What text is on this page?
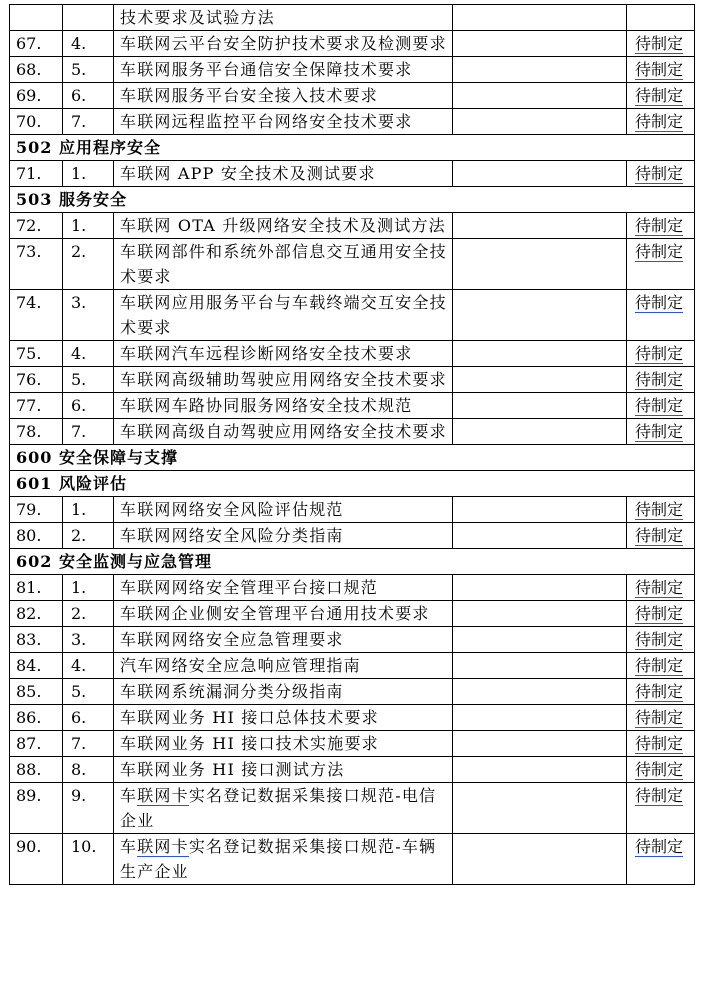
		技术要求及试验方法		
67.	4.	车联网云平台安全防护技术要求及检测要求		待制定
68.	5.	车联网服务平台通信安全保障技术要求		待制定
69.	6.	车联网服务平台安全接入技术要求		待制定
70.	7.	车联网远程监控平台网络安全技术要求		待制定
502 应用程序安全				
71.	1.	车联网 APP 安全技术及测试要求		待制定
503 服务安全				
72.	1.	车联网 OTA 升级网络安全技术及测试方法		待制定
73.	2.	车联网部件和系统外部信息交互通用安全技术要求		待制定
74.	3.	车联网应用服务平台与车载终端交互安全技术要求		待制定
75.	4.	车联网汽车远程诊断网络安全技术要求		待制定
76.	5.	车联网高级辅助驾驶应用网络安全技术要求		待制定
77.	6.	车联网车路协同服务网络安全技术规范		待制定
78.	7.	车联网高级自动驾驶应用网络安全技术要求		待制定
600 安全保障与支撑				
601 风险评估				
79.	1.	车联网网络安全风险评估规范		待制定
80.	2.	车联网网络安全风险分类指南		待制定
602 安全监测与应急管理				
81.	1.	车联网网络安全管理平台接口规范		待制定
82.	2.	车联网企业侧安全管理平台通用技术要求		待制定
83.	3.	车联网网络安全应急管理要求		待制定
84.	4.	汽车网络安全应急响应管理指南		待制定
85.	5.	车联网系统漏洞分类分级指南		待制定
86.	6.	车联网业务 HI 接口总体技术要求		待制定
87.	7.	车联网业务 HI 接口技术实施要求		待制定
88.	8.	车联网业务 HI 接口测试方法		待制定
89.	9.	车联网卡实名登记数据采集接口规范-电信企业		待制定
90.	10.	车联网卡实名登记数据采集接口规范-车辆生产企业		待制定
